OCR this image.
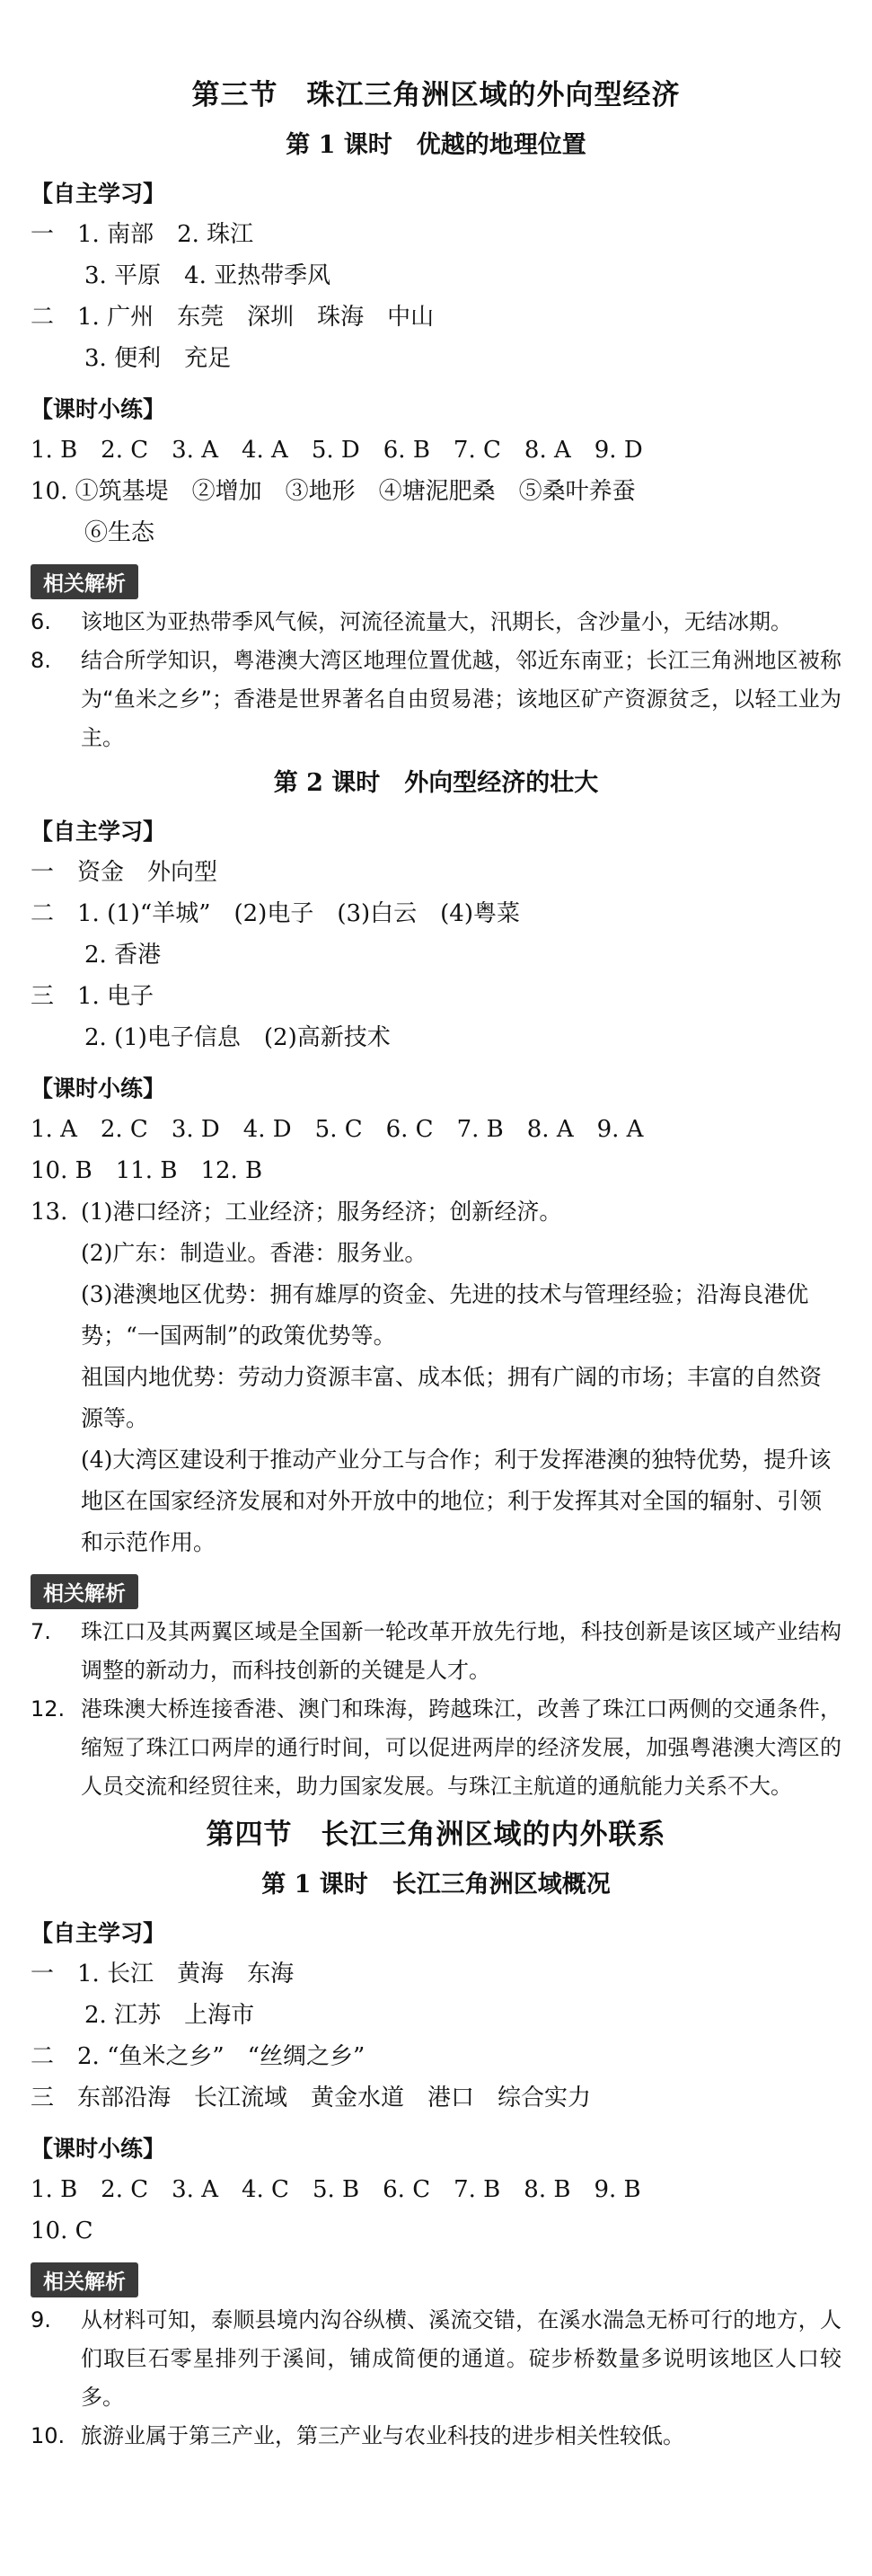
第三节　珠江三角洲区域的外向型经济
第 1 课时　优越的地理位置
【自主学习】
一　1. 南部　2. 珠江
3. 平原　4. 亚热带季风
二　1. 广州　东莞　深圳　珠海　中山
3. 便利　充足
【课时小练】
1. B　2. C　3. A　4. A　5. D　6. B　7. C　8. A　9. D
10. ①筑基堤　②增加　③地形　④塘泥肥桑　⑤桑叶养蚕
⑥生态
相关解析
6.	该地区为亚热带季风气候，河流径流量大，汛期长，含沙量小，无结冰期。
8.	结合所学知识，粤港澳大湾区地理位置优越，邻近东南亚；长江三角洲地区被称为“鱼米之乡”；香港是世界著名自由贸易港；该地区矿产资源贫乏，以轻工业为主。
第 2 课时　外向型经济的壮大
【自主学习】
一　资金　外向型
二　1. (1)“羊城”　(2)电子　(3)白云　(4)粤菜
2. 香港
三　1. 电子
2. (1)电子信息　(2)高新技术
【课时小练】
1. A　2. C　3. D　4. D　5. C　6. C　7. B　8. A　9. A
10. B　11. B　12. B
13. (1)港口经济；工业经济；服务经济；创新经济。
(2)广东：制造业。香港：服务业。
(3)港澳地区优势：拥有雄厚的资金、先进的技术与管理经验；沿海良港优势；“一国两制”的政策优势等。
祖国内地优势：劳动力资源丰富、成本低；拥有广阔的市场；丰富的自然资源等。
(4)大湾区建设利于推动产业分工与合作；利于发挥港澳的独特优势，提升该地区在国家经济发展和对外开放中的地位；利于发挥其对全国的辐射、引领和示范作用。
相关解析
7.	珠江口及其两翼区域是全国新一轮改革开放先行地，科技创新是该区域产业结构调整的新动力，而科技创新的关键是人才。
12. 港珠澳大桥连接香港、澳门和珠海，跨越珠江，改善了珠江口两侧的交通条件，缩短了珠江口两岸的通行时间，可以促进两岸的经济发展，加强粤港澳大湾区的人员交流和经贸往来，助力国家发展。与珠江主航道的通航能力关系不大。
第四节　长江三角洲区域的内外联系
第 1 课时　长江三角洲区域概况
【自主学习】
一　1. 长江　黄海　东海
2. 江苏　上海市
二　2. “鱼米之乡”　“丝绸之乡”
三　东部沿海　长江流域　黄金水道　港口　综合实力
【课时小练】
1. B　2. C　3. A　4. C　5. B　6. C　7. B　8. B　9. B
10. C
相关解析
9.	从材料可知，泰顺县境内沟谷纵横、溪流交错，在溪水湍急无桥可行的地方，人们取巨石零星排列于溪间，铺成简便的通道。碇步桥数量多说明该地区人口较多。
10. 旅游业属于第三产业，第三产业与农业科技的进步相关性较低。
